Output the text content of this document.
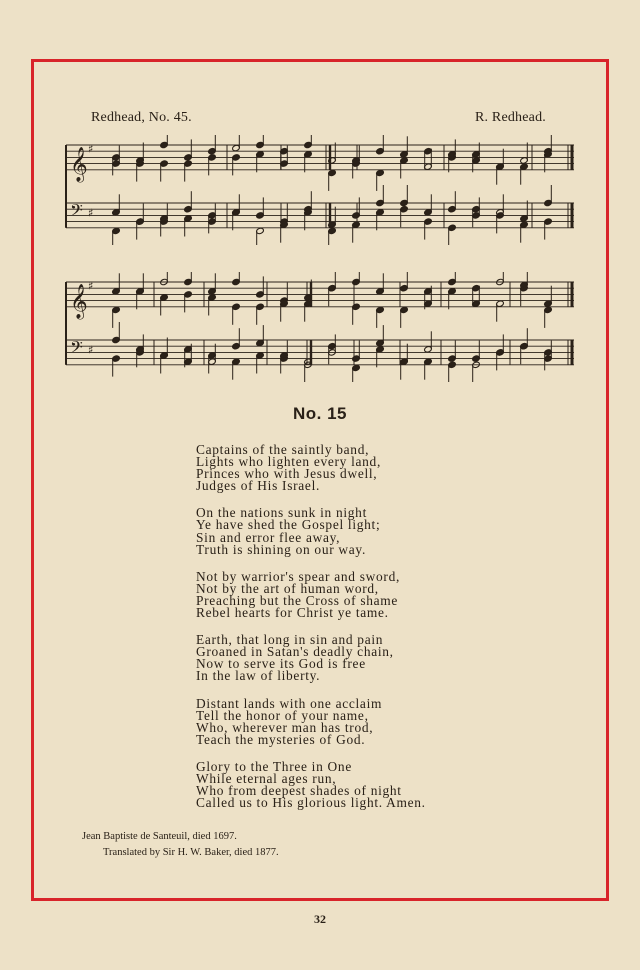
Redhead, No. 45.	R. Redhead.
𝄞 ♯
𝄢 ♯
𝄞 ♯
𝄢 ♯
No. 15
Captains of the saintly band,
Lights who lighten every land,
Princes who with Jesus dwell,
Judges of His Israel.
On the nations sunk in night
Ye have shed the Gospel light;
Sin and error flee away,
Truth is shining on our way.
Not by warrior's spear and sword,
Not by the art of human word,
Preaching but the Cross of shame
Rebel hearts for Christ ye tame.
Earth, that long in sin and pain
Groaned in Satan's deadly chain,
Now to serve its God is free
In the law of liberty.
Distant lands with one acclaim
Tell the honor of your name,
Who, wherever man has trod,
Teach the mysteries of God.
Glory to the Three in One
While eternal ages run,
Who from deepest shades of night
Called us to His glorious light. Amen.
Jean Baptiste de Santeuil, died 1697.
Translated by Sir H. W. Baker, died 1877.
32
